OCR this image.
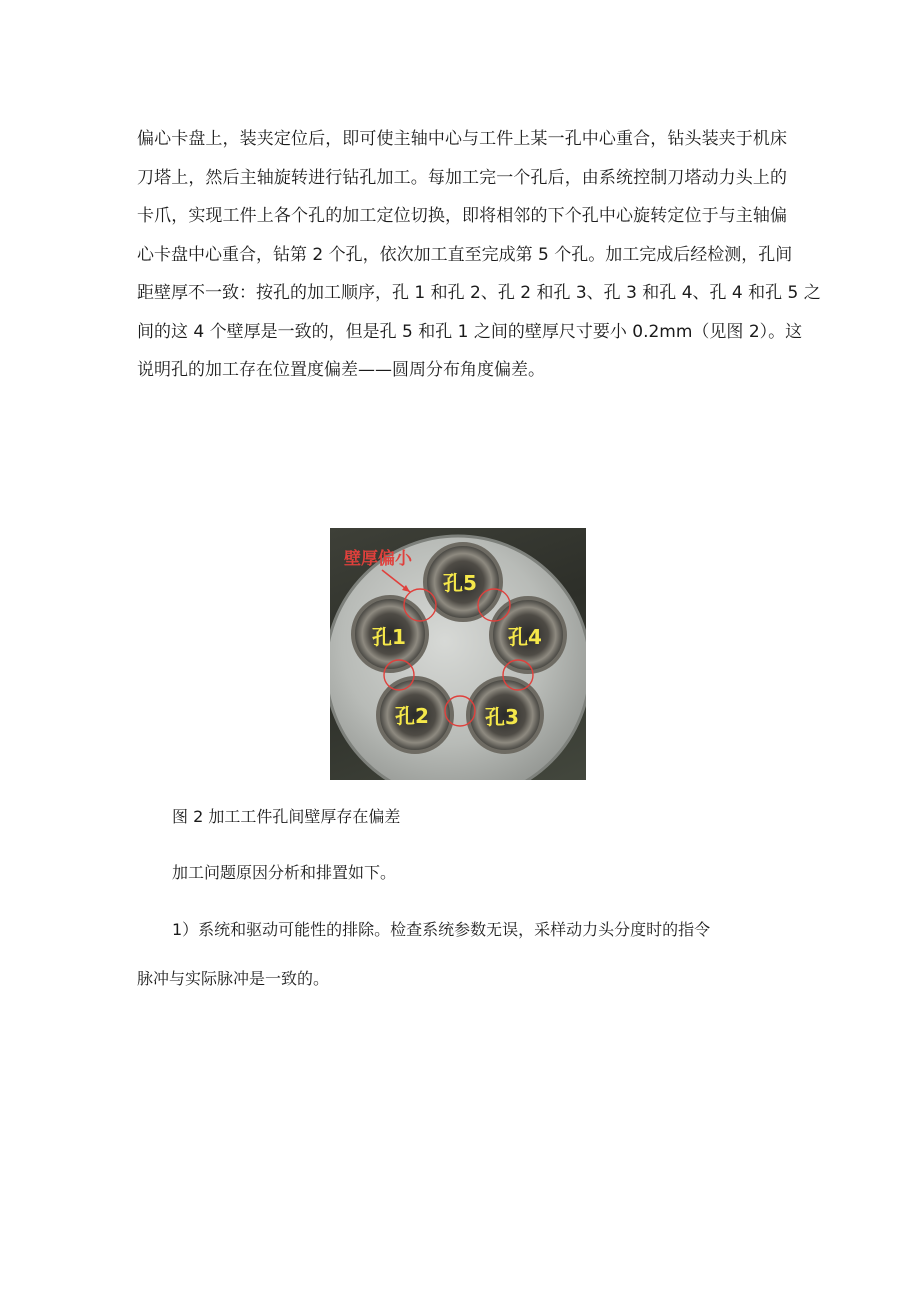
偏心卡盘上，装夹定位后，即可使主轴中心与工件上某一孔中心重合，钻头装夹于机床
刀塔上，然后主轴旋转进行钻孔加工。每加工完一个孔后，由系统控制刀塔动力头上的
卡爪，实现工件上各个孔的加工定位切换，即将相邻的下个孔中心旋转定位于与主轴偏
心卡盘中心重合，钻第 2 个孔，依次加工直至完成第 5 个孔。加工完成后经检测，孔间
距壁厚不一致：按孔的加工顺序，孔 1 和孔 2、孔 2 和孔 3、孔 3 和孔 4、孔 4 和孔 5 之
间的这 4 个壁厚是一致的，但是孔 5 和孔 1 之间的壁厚尺寸要小 0.2mm（见图 2）。这
说明孔的加工存在位置度偏差——圆周分布角度偏差。
壁厚偏小
孔5
孔4
孔3
孔2
孔1

图 2 加工工件孔间壁厚存在偏差

加工问题原因分析和排置如下。

1）系统和驱动可能性的排除。检查系统参数无误，采样动力头分度时的指令

脉冲与实际脉冲是一致的。
